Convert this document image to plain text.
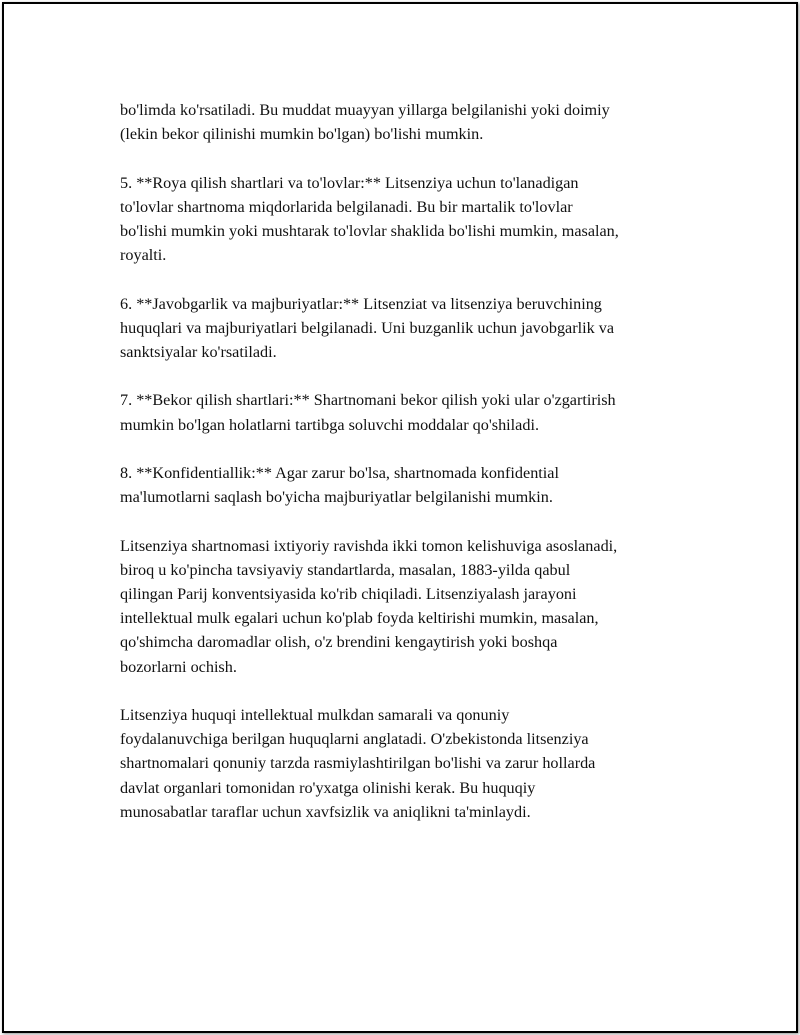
bo'limda ko'rsatiladi. Bu muddat muayyan yillarga belgilanishi yoki doimiy
(lekin bekor qilinishi mumkin bo'lgan) bo'lishi mumkin.

5. **Roya qilish shartlari va to'lovlar:** Litsenziya uchun to'lanadigan
to'lovlar shartnoma miqdorlarida belgilanadi. Bu bir martalik to'lovlar
bo'lishi mumkin yoki mushtarak to'lovlar shaklida bo'lishi mumkin, masalan,
royalti.

6. **Javobgarlik va majburiyatlar:** Litsenziat va litsenziya beruvchining
huquqlari va majburiyatlari belgilanadi. Uni buzganlik uchun javobgarlik va
sanktsiyalar ko'rsatiladi.

7. **Bekor qilish shartlari:** Shartnomani bekor qilish yoki ular o'zgartirish
mumkin bo'lgan holatlarni tartibga soluvchi moddalar qo'shiladi.

8. **Konfidentiallik:** Agar zarur bo'lsa, shartnomada konfidential
ma'lumotlarni saqlash bo'yicha majburiyatlar belgilanishi mumkin.

Litsenziya shartnomasi ixtiyoriy ravishda ikki tomon kelishuviga asoslanadi,
biroq u ko'pincha tavsiyaviy standartlarda, masalan, 1883-yilda qabul
qilingan Parij konventsiyasida ko'rib chiqiladi. Litsenziyalash jarayoni
intellektual mulk egalari uchun ko'plab foyda keltirishi mumkin, masalan,
qo'shimcha daromadlar olish, o'z brendini kengaytirish yoki boshqa
bozorlarni ochish.

Litsenziya huquqi intellektual mulkdan samarali va qonuniy
foydalanuvchiga berilgan huquqlarni anglatadi. O'zbekistonda litsenziya
shartnomalari qonuniy tarzda rasmiylashtirilgan bo'lishi va zarur hollarda
davlat organlari tomonidan ro'yxatga olinishi kerak. Bu huquqiy
munosabatlar taraflar uchun xavfsizlik va aniqlikni ta'minlaydi.
